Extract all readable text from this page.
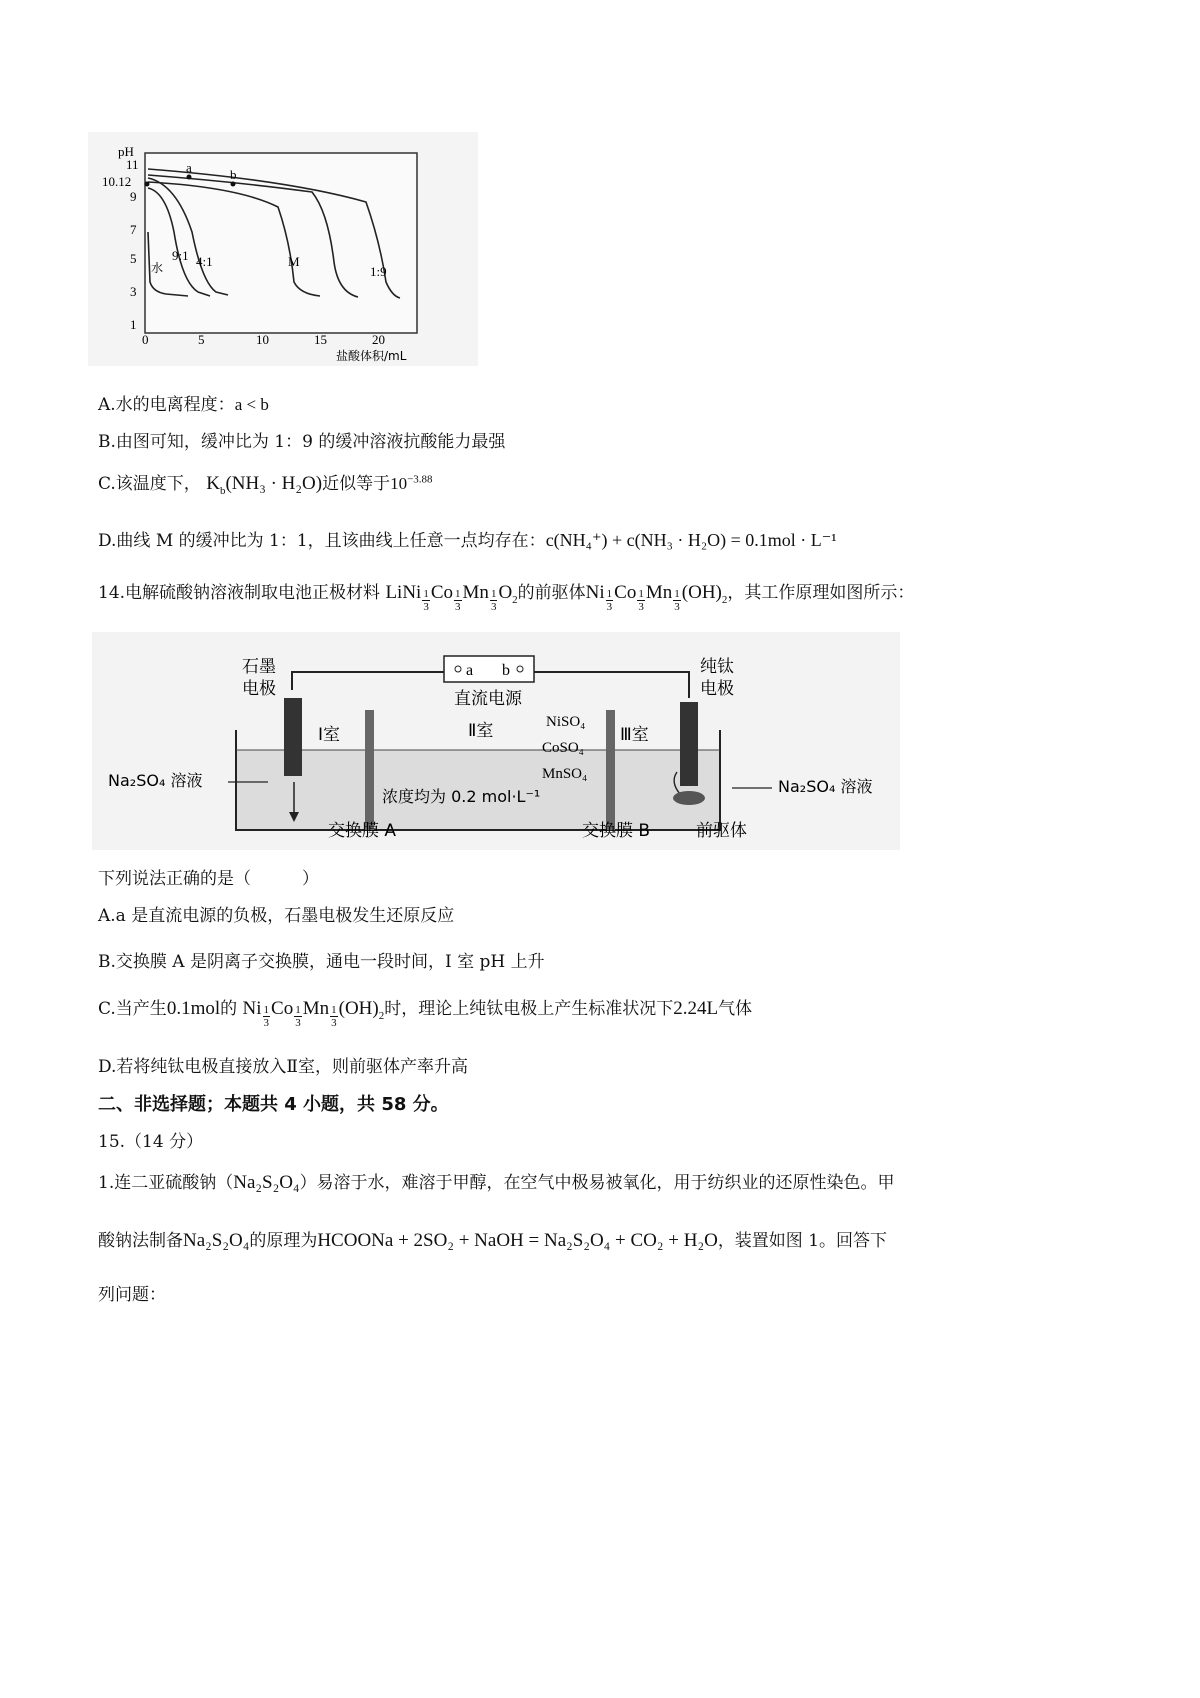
pH
11
10.12
9
7
5
3
1
0	5	10	15	20
盐酸体积/mL
a	b
水
9:1 4:1	M
1:9
A.水的电离程度：a < b
B.由图可知，缓冲比为 1：9 的缓冲溶液抗酸能力最强
C.该温度下， $K_b(NH_3 \cdot H_2O)$近似等于$10^{-3.88}$
D.曲线 M 的缓冲比为 1：1，且该曲线上任意一点均存在：c(NH₄⁺) + c(NH₃ · H₂O) = 0.1mol · L⁻¹
14.电解硫酸钠溶液制取电池正极材料 LiNi $\frac{1}{3}$ Co $\frac{1}{3}$ Mn $\frac{1}{3} O_2$的前驱体Ni $\frac{1}{3}$ Co $\frac{1}{3}$ Mn $\frac{1}{3} (OH)_2$，其工作原理如图所示：
a b
直流电源
石墨
电极
纯钛
电极
Ⅰ室	Ⅱ室	Ⅲ室
NiSO₄
CoSO₄
MnSO₄
浓度均为 0.2 mol·L⁻¹
Na₂SO₄ 溶液	Na₂SO₄ 溶液
交换膜 A	交换膜 B	前驱体
下列说法正确的是（　　　）
A.a 是直流电源的负极，石墨电极发生还原反应
B.交换膜 A 是阴离子交换膜，通电一段时间，I 室 pH 上升
C.当产生0.1mol的 Ni $\frac{1}{3}$ Co $\frac{1}{3}$ Mn $\frac{1}{3} (OH)_2$时，理论上纯钛电极上产生标准状况下2.24L气体
D.若将纯钛电极直接放入Ⅱ室，则前驱体产率升高
二、非选择题；本题共 4 小题，共 58 分。
15.（14 分）
1.连二亚硫酸钠（Na₂S₂O₄）易溶于水，难溶于甲醇，在空气中极易被氧化，用于纺织业的还原性染色。甲
酸钠法制备Na₂S₂O₄的原理为HCOONa + 2SO₂ + NaOH = Na₂S₂O₄ + CO₂ + H₂O，装置如图 1。回答下
列问题：
